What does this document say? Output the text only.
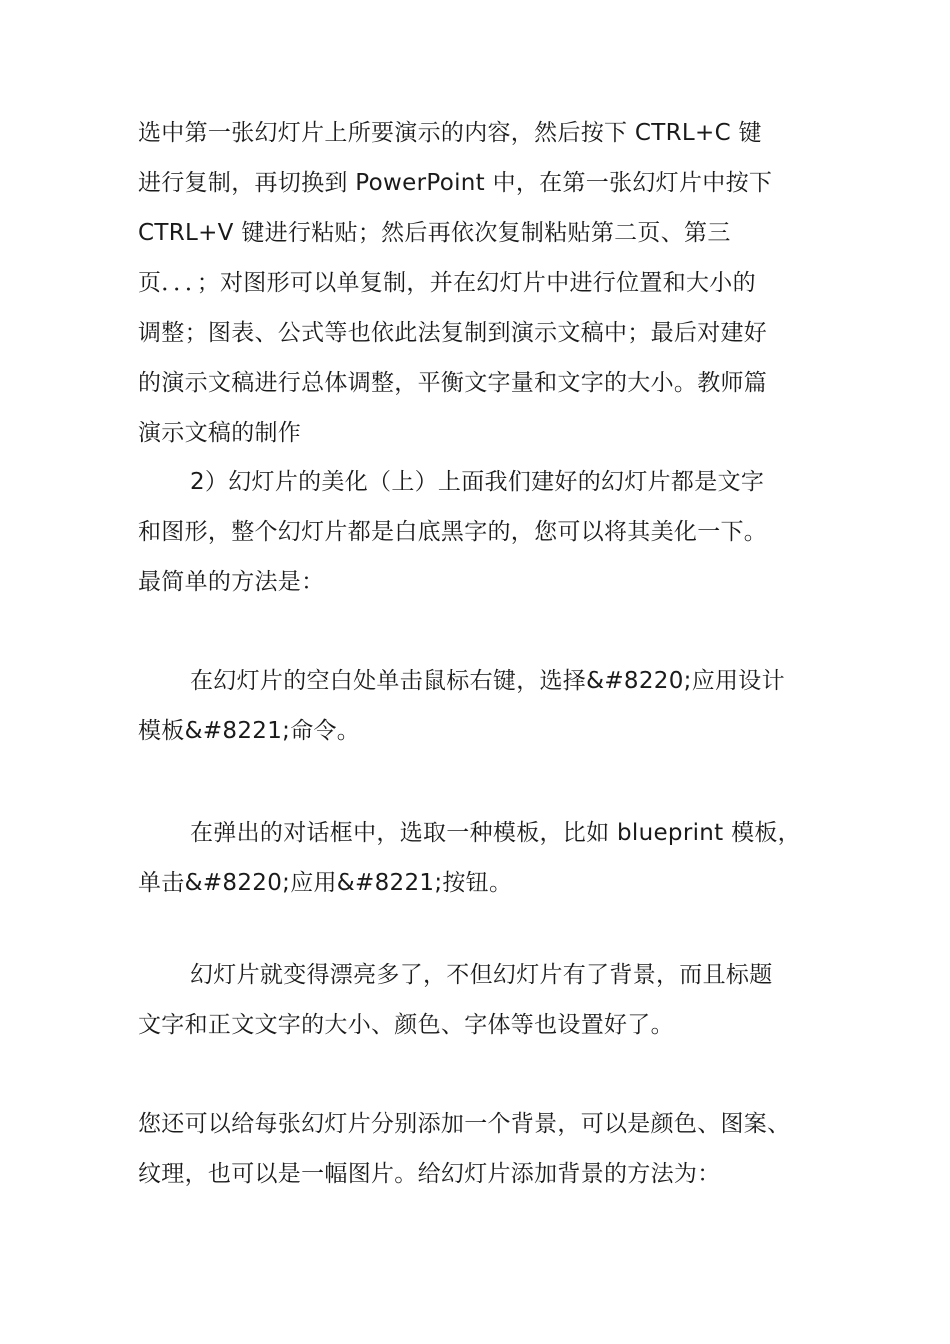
选中第一张幻灯片上所要演示的内容，然后按下 CTRL+C 键
进行复制，再切换到 PowerPoint 中，在第一张幻灯片中按下
CTRL+V 键进行粘贴；然后再依次复制粘贴第二页、第三
页．．．；对图形可以单复制，并在幻灯片中进行位置和大小的
调整；图表、公式等也依此法复制到演示文稿中；最后对建好
的演示文稿进行总体调整，平衡文字量和文字的大小。教师篇
演示文稿的制作
2）幻灯片的美化（上）上面我们建好的幻灯片都是文字
和图形，整个幻灯片都是白底黑字的，您可以将其美化一下。
最简单的方法是：
在幻灯片的空白处单击鼠标右键，选择&#8220;应用设计
模板&#8221;命令。
在弹出的对话框中，选取一种模板，比如 blueprint 模板，
单击&#8220;应用&#8221;按钮。
幻灯片就变得漂亮多了，不但幻灯片有了背景，而且标题
文字和正文文字的大小、颜色、字体等也设置好了。
您还可以给每张幻灯片分别添加一个背景，可以是颜色、图案、
纹理，也可以是一幅图片。给幻灯片添加背景的方法为：
